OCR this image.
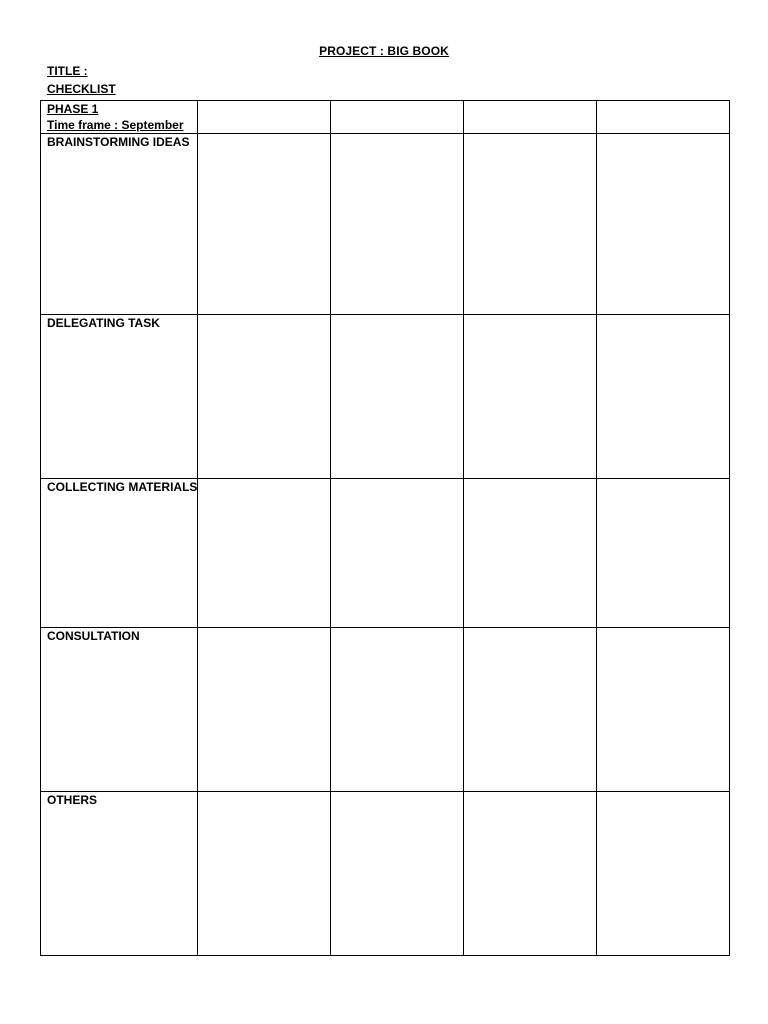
PROJECT : BIG BOOK
TITLE :
CHECKLIST
PHASE 1
Time frame : September				

BRAINSTORMING IDEAS				

DELEGATING TASK				

COLLECTING MATERIALS				

CONSULTATION				

OTHERS				
